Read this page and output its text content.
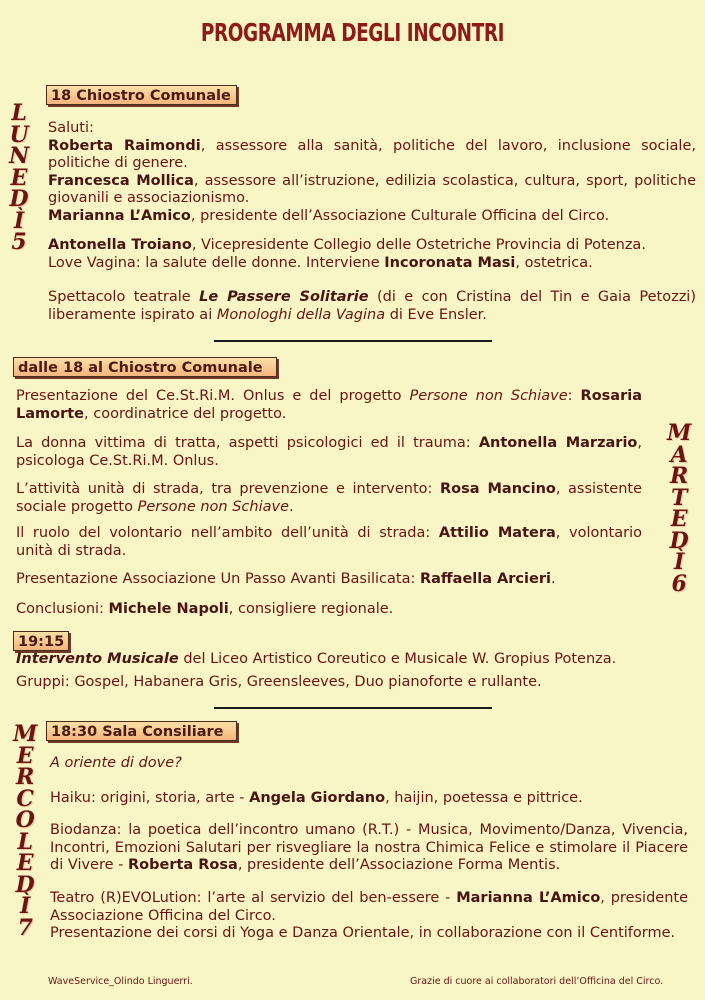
PROGRAMMA DEGLI INCONTRI
L
U
N
E
D
Ì
5
18 Chiostro Comunale

Saluti:

Roberta Raimondi, assessore alla sanità, politiche del lavoro, inclusione sociale, politiche di genere.

Francesca Mollica, assessore all’istruzione, edilizia scolastica, cultura, sport, politiche giovanili e associazionismo.

Marianna L’Amico, presidente dell’Associazione Culturale Officina del Circo.

Antonella Troiano, Vicepresidente Collegio delle Ostetriche Provincia di Potenza.

Love Vagina: la salute delle donne. Interviene Incoronata Masi, ostetrica.

Spettacolo teatrale Le Passere Solitarie (di e con Cristina del Tin e Gaia Petozzi) liberamente ispirato ai Monologhi della Vagina di Eve Ensler.

dalle 18 al Chiostro Comunale
M
A
R
T
E
D
Ì
6

Presentazione del Ce.St.Ri.M. Onlus e del progetto Persone non Schiave: Rosaria Lamorte, coordinatrice del progetto.

La donna vittima di tratta, aspetti psicologici ed il trauma: Antonella Marzario, psicologa Ce.St.Ri.M. Onlus.

L’attività unità di strada, tra prevenzione e intervento: Rosa Mancino, assistente sociale progetto Persone non Schiave.

Il ruolo del volontario nell’ambito dell’unità di strada: Attilio Matera, volontario unità di strada.

Presentazione Associazione Un Passo Avanti Basilicata: Raffaella Arcieri.

Conclusioni: Michele Napoli, consigliere regionale.

19:15

Intervento Musicale del Liceo Artistico Coreutico e Musicale W. Gropius Potenza.

Gruppi: Gospel, Habanera Gris, Greensleeves, Duo pianoforte e rullante.

M
E
R
C
O
L
E
D
Ì
7
18:30 Sala Consiliare

A oriente di dove?

Haiku: origini, storia, arte - Angela Giordano, haijin, poetessa e pittrice.

Biodanza: la poetica dell’incontro umano (R.T.) - Musica, Movimento/Danza, Vivencia, Incontri, Emozioni Salutari per risvegliare la nostra Chimica Felice e stimolare il Piacere di Vivere - Roberta Rosa, presidente dell’Associazione Forma Mentis.

Teatro (R)EVOLution: l’arte al servizio del ben-essere - Marianna L’Amico, presidente Associazione Officina del Circo.

Presentazione dei corsi di Yoga e Danza Orientale, in collaborazione con il Centiforme.

WaveService_Olindo Linguerri.	Grazie di cuore ai collaboratori dell’Officina del Circo.
